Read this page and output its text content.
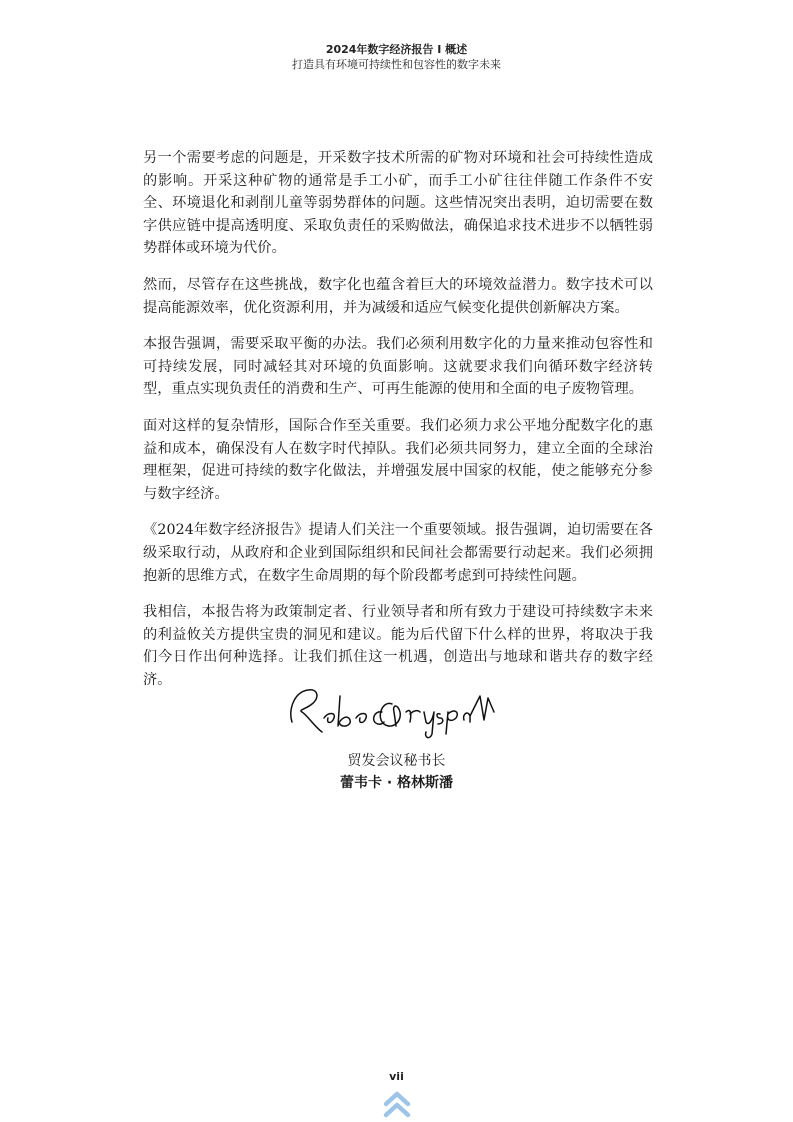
2024年数字经济报告 I 概述
打造具有环境可持续性和包容性的数字未来

另一个需要考虑的问题是，开采数字技术所需的矿物对环境和社会可持续性造成的影响。开采这种矿物的通常是手工小矿，而手工小矿往往伴随工作条件不安全、环境退化和剥削儿童等弱势群体的问题。这些情况突出表明，迫切需要在数字供应链中提高透明度、采取负责任的采购做法，确保追求技术进步不以牺牲弱势群体或环境为代价。

然而，尽管存在这些挑战，数字化也蕴含着巨大的环境效益潜力。数字技术可以提高能源效率，优化资源利用，并为减缓和适应气候变化提供创新解决方案。

本报告强调，需要采取平衡的办法。我们必须利用数字化的力量来推动包容性和可持续发展，同时减轻其对环境的负面影响。这就要求我们向循环数字经济转型，重点实现负责任的消费和生产、可再生能源的使用和全面的电子废物管理。

面对这样的复杂情形，国际合作至关重要。我们必须力求公平地分配数字化的惠益和成本，确保没有人在数字时代掉队。我们必须共同努力，建立全面的全球治理框架，促进可持续的数字化做法，并增强发展中国家的权能，使之能够充分参与数字经济。

《2024年数字经济报告》提请人们关注一个重要领域。报告强调，迫切需要在各级采取行动，从政府和企业到国际组织和民间社会都需要行动起来。我们必须拥抱新的思维方式，在数字生命周期的每个阶段都考虑到可持续性问题。

我相信，本报告将为政策制定者、行业领导者和所有致力于建设可持续数字未来的利益攸关方提供宝贵的洞见和建议。能为后代留下什么样的世界，将取决于我们今日作出何种选择。让我们抓住这一机遇，创造出与地球和谐共存的数字经济。

贸发会议秘书长
蕾韦卡 · 格林斯潘
vii
